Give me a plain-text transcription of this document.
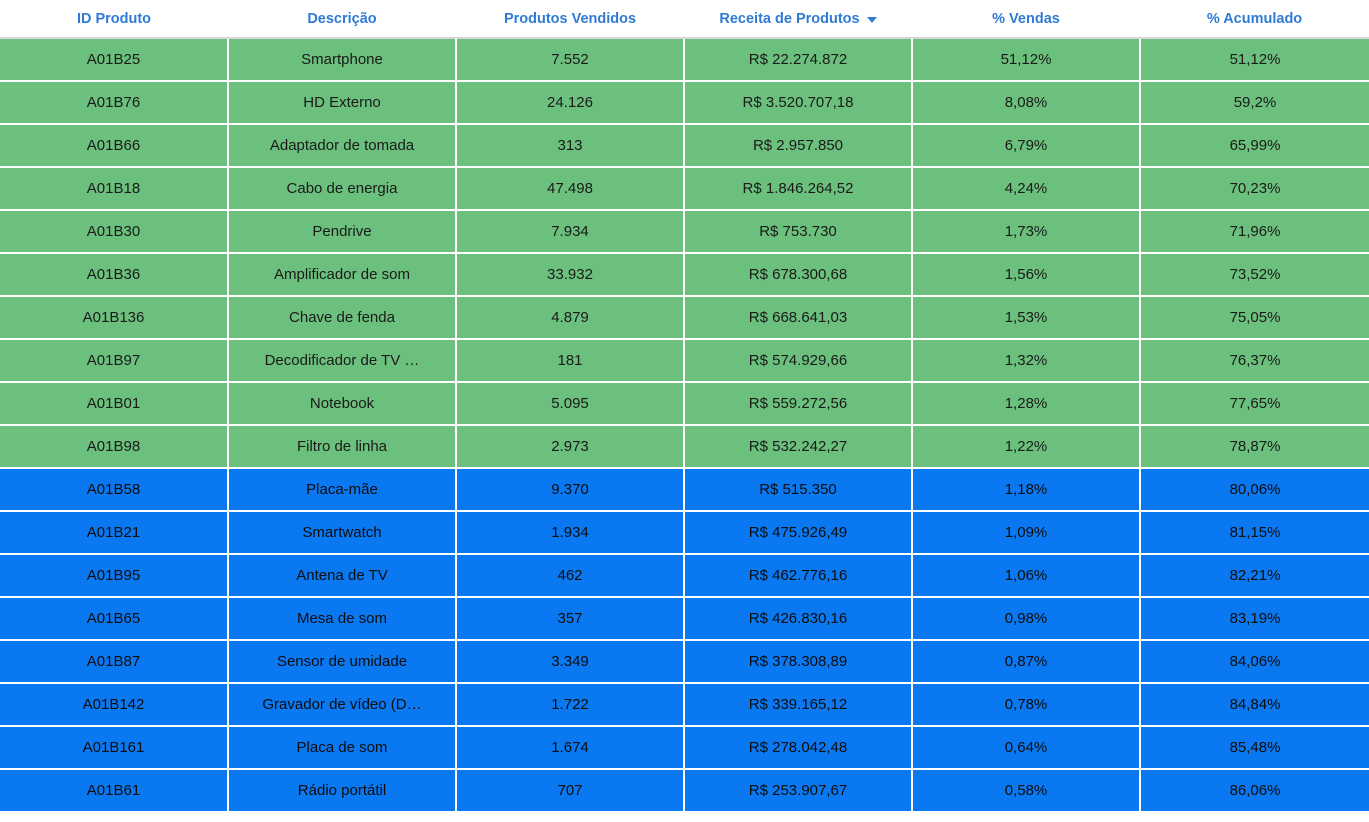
ID Produto	Descrição	Produtos Vendidos	Receita de Produtos	% Vendas	% Acumulado

A01B25	Smartphone	7.552	R$ 22.274.872	51,12%	51,12%
A01B76	HD Externo	24.126	R$ 3.520.707,18	8,08%	59,2%
A01B66	Adaptador de tomada	313	R$ 2.957.850	6,79%	65,99%
A01B18	Cabo de energia	47.498	R$ 1.846.264,52	4,24%	70,23%
A01B30	Pendrive	7.934	R$ 753.730	1,73%	71,96%
A01B36	Amplificador de som	33.932	R$ 678.300,68	1,56%	73,52%
A01B136	Chave de fenda	4.879	R$ 668.641,03	1,53%	75,05%
A01B97	Decodificador de TV …	181	R$ 574.929,66	1,32%	76,37%
A01B01	Notebook	5.095	R$ 559.272,56	1,28%	77,65%
A01B98	Filtro de linha	2.973	R$ 532.242,27	1,22%	78,87%
A01B58	Placa-mãe	9.370	R$ 515.350	1,18%	80,06%
A01B21	Smartwatch	1.934	R$ 475.926,49	1,09%	81,15%
A01B95	Antena de TV	462	R$ 462.776,16	1,06%	82,21%
A01B65	Mesa de som	357	R$ 426.830,16	0,98%	83,19%
A01B87	Sensor de umidade	3.349	R$ 378.308,89	0,87%	84,06%
A01B142	Gravador de vídeo (D…	1.722	R$ 339.165,12	0,78%	84,84%
A01B161	Placa de som	1.674	R$ 278.042,48	0,64%	85,48%
A01B61	Rádio portátil	707	R$ 253.907,67	0,58%	86,06%
